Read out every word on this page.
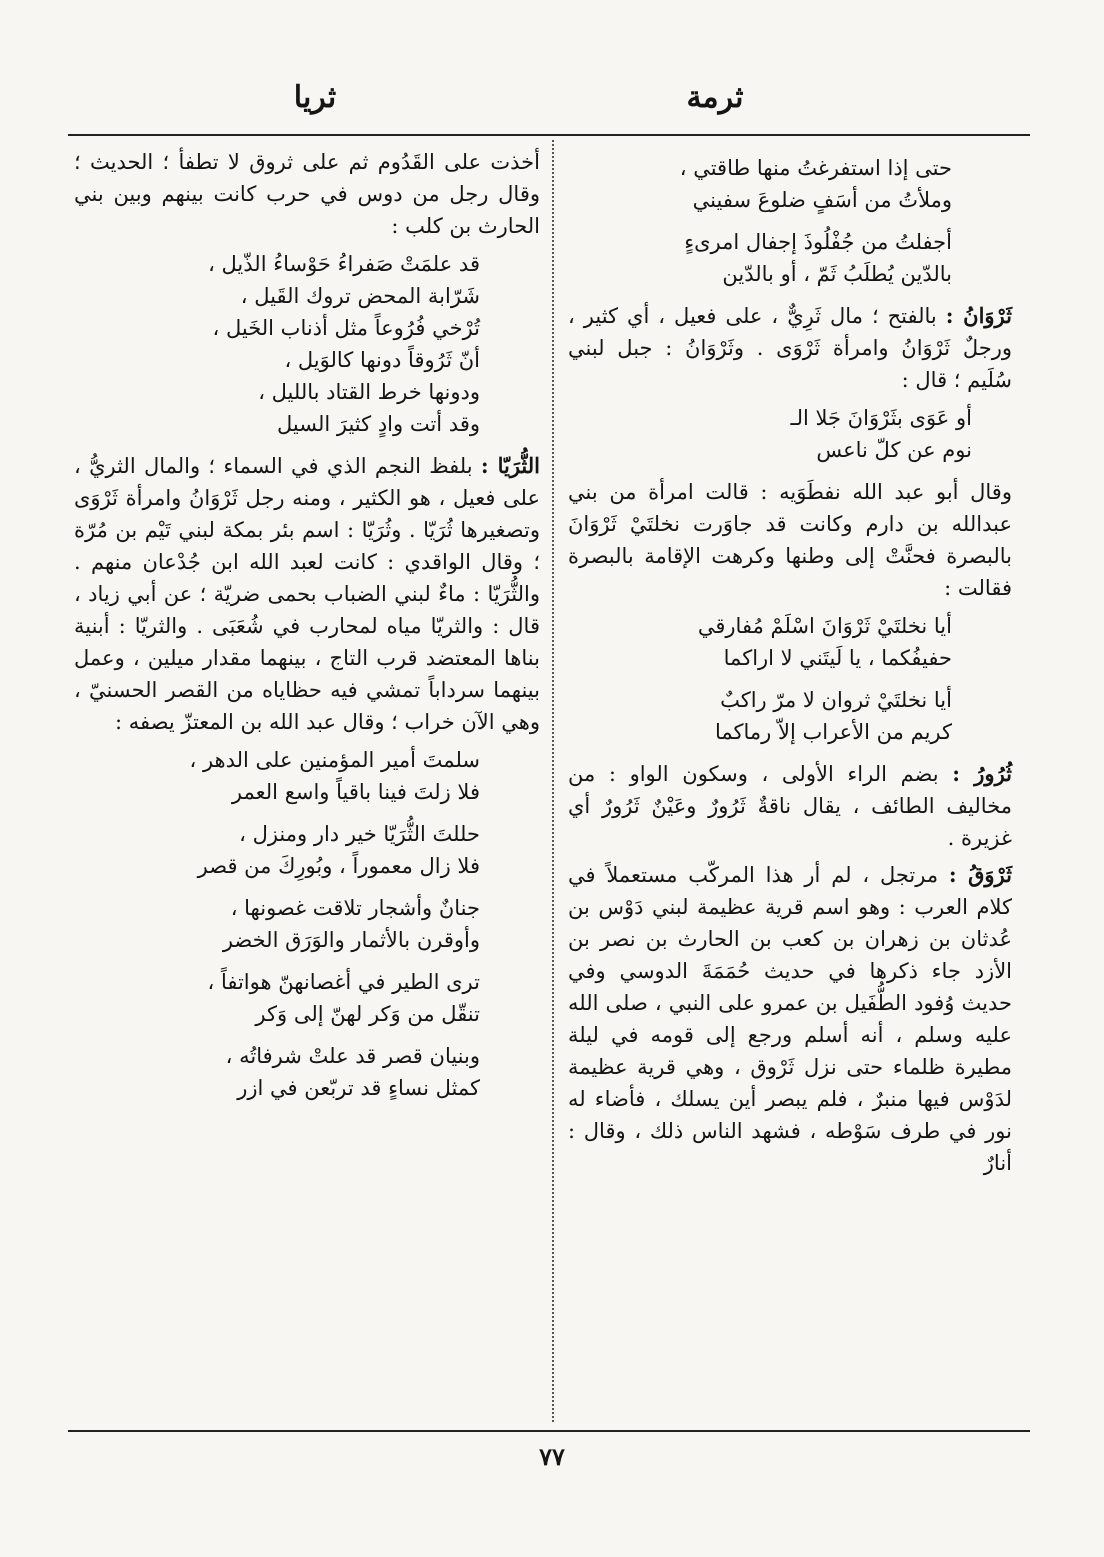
ثرمة
ثريا

حتى إذا استفرغتُ منها طاقتي ،

وملأتُ من أسَفٍ ضلوعَ سفيني

أجفلتُ من جُفْلُوذَ إجفال امرىءٍ

بالدّين يُطلَبُ ثَمّ ، أو بالدّين

ثَرْوَانُ : بالفتح ؛ مال ثَرِيٌّ ، على فعيل ، أي كثير ، ورجلٌ ثَرْوَانُ وامرأة ثَرْوَى . وثَرْوَانُ : جبل لبني سُلَيم ؛ قال :

أو عَوَى بثَرْوَانَ جَلا الـ

نوم عن كلّ ناعس

وقال أبو عبد الله نفطَوَيه : قالت امرأة من بني عبدالله بن دارم وكانت قد جاوَرت نخلتَيْ ثَرْوَانَ بالبصرة فحنَّتْ إلى وطنها وكرهت الإقامة بالبصرة فقالت :

أيا نخلتَيْ ثَرْوَانَ اسْلَمْ مُفارقي

حفيفُكما ، يا لَيتَني لا اراكما

أيا نخلتَيْ ثروان لا مرّ راكبٌ

كريم من الأعراب إلاّ رماكما

ثُرُورُ : بضم الراء الأولى ، وسكون الواو : من مخاليف الطائف ، يقال ناقةٌ ثَرُورٌ وعَيْنٌ ثَرُورٌ أي غزيرة .

ثَرْوَقُ : مرتجل ، لم أر هذا المركّب مستعملاً في كلام العرب : وهو اسم قرية عظيمة لبني دَوْس بن عُدثان بن زهران بن كعب بن الحارث بن نصر بن الأزد جاء ذكرها في حديث حُمَمَةَ الدوسي وفي حديث وُفود الطُّفَيل بن عمرو على النبي ، صلى الله عليه وسلم ، أنه أسلم ورجع إلى قومه في ليلة مطيرة ظلماء حتى نزل ثَرْوق ، وهي قرية عظيمة لدَوْس فيها منبرٌ ، فلم يبصر أين يسلك ، فأضاء له نور في طرف سَوْطه ، فشهد الناس ذلك ، وقال : أنارٌ

أخذت على القَدُوم ثم على ثروق لا تطفأ ؛ الحديث ؛ وقال رجل من دوس في حرب كانت بينهم وبين بني الحارث بن كلب :

قد علمَتْ صَفراءُ حَوْساءُ الذّيل ،

شَرّابة المحض تروك القَيل ،

تُرْخي فُرُوعاً مثل أذناب الخَيل ،

أنّ ثَرُوقاً دونها كالوَيل ،

ودونها خرط القتاد بالليل ،

وقد أتت وادٍ كثيرَ السيل

الثُّرَيّا : بلفظ النجم الذي في السماء ؛ والمال الثريُّ ، على فعيل ، هو الكثير ، ومنه رجل ثَرْوَانُ وامرأة ثَرْوَى وتصغيرها ثُرَيّا . وثُرَيّا : اسم بئر بمكة لبني تَيْم بن مُرّة ؛ وقال الواقدي : كانت لعبد الله ابن جُدْعان منهم . والثُّرَيّا : ماءٌ لبني الضباب بحمى ضريّة ؛ عن أبي زياد ، قال : والثريّا مياه لمحارب في شُعَبَى . والثريّا : أبنية بناها المعتضد قرب التاج ، بينهما مقدار ميلين ، وعمل بينهما سرداباً تمشي فيه حظاياه من القصر الحسنيّ ، وهي الآن خراب ؛ وقال عبد الله بن المعتزّ يصفه :

سلمتَ أمير المؤمنين على الدهر ،

فلا زلتَ فينا باقياً واسع العمر

حللتَ الثُّرَيّا خير دار ومنزل ،

فلا زال معموراً ، وبُورِكَ من قصر

جنانٌ وأشجار تلاقت غصونها ،

وأوقرن بالأثمار والوَرَق الخضر

ترى الطير في أغصانهنّ هواتفاً ،

تنقّل من وَكر لهنّ إلى وَكر

وبنيان قصر قد علتْ شرفاتُه ،

كمثل نساءٍ قد تربّعن في ازر

٧٧
